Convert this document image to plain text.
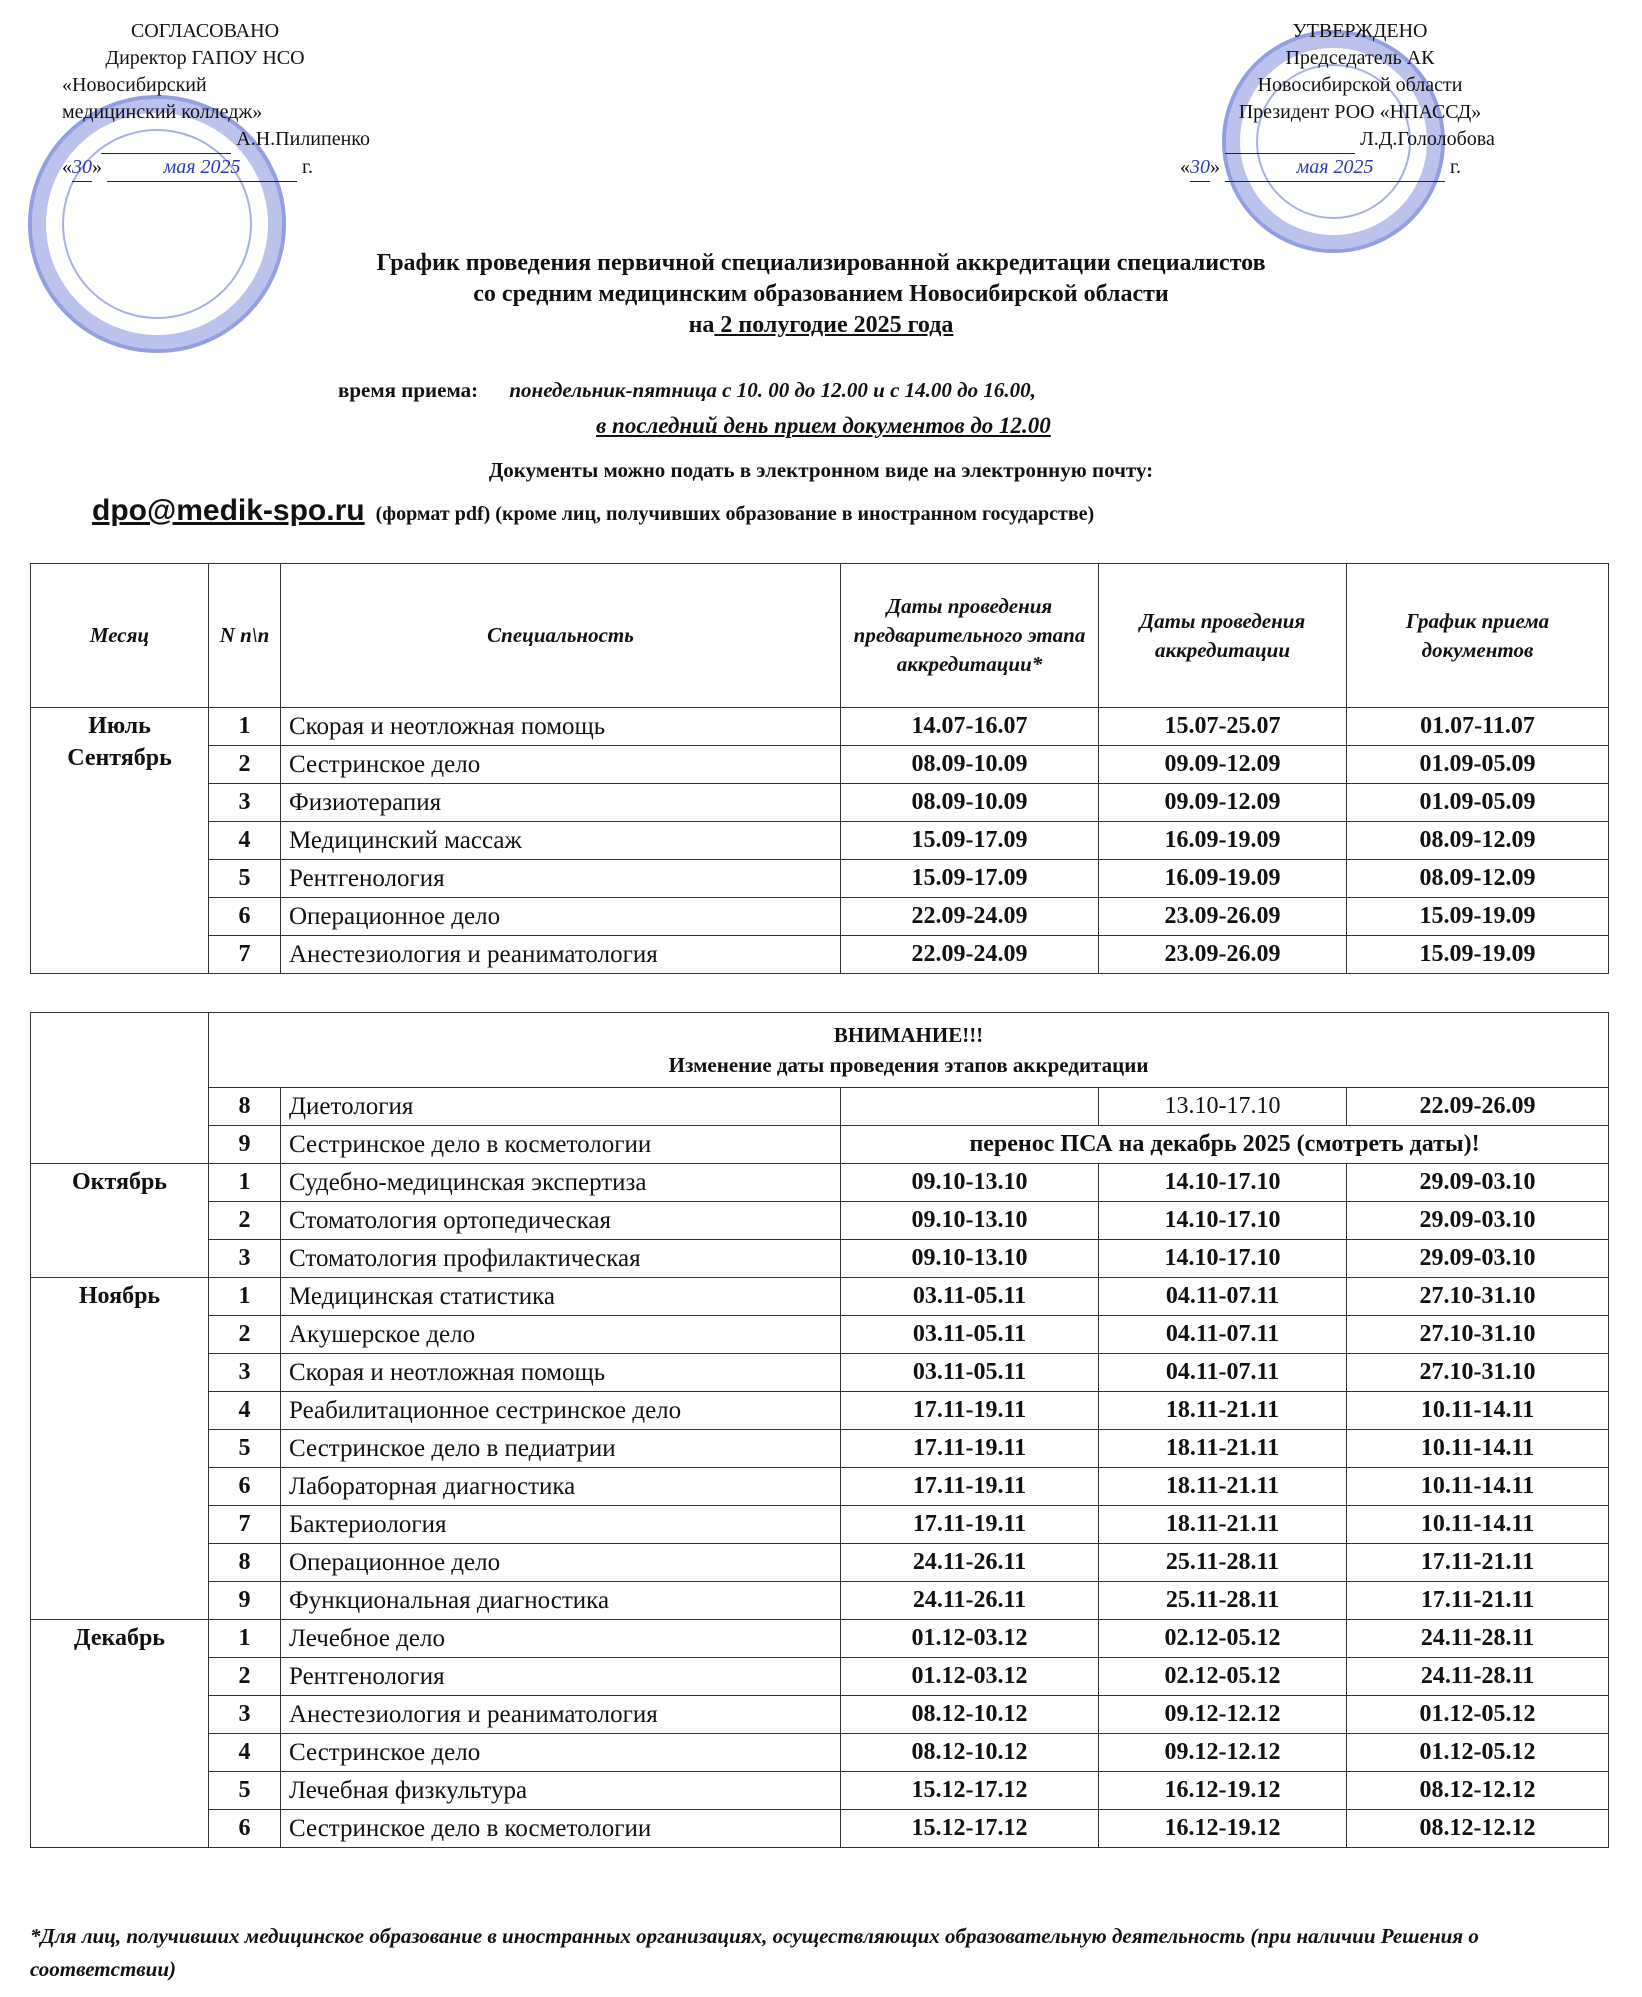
СОГЛАСОВАНО
Директор ГАПОУ НСО
«Новосибирский
медицинский колледж»
А.Н.Пилипенко
«30»	мая 2025	г.
УТВЕРЖДЕНО
Председатель АК
Новосибирской области
Президент РОО «НПАССД»
Л.Д.Гололобова
«30»	мая 2025	г.
График проведения первичной специализированной аккредитации специалистов
со средним медицинским образованием Новосибирской области
на 2 полугодие 2025 года
время приема: понедельник-пятница с 10. 00 до 12.00 и с 14.00 до 16.00,
в последний день прием документов до 12.00
Документы можно подать в электронном виде на электронную почту:
dpo@medik-spo.ru (формат pdf) (кроме лиц, получивших образование в иностранном государстве)
Месяц	N п\п	Специальность	Даты проведения предварительного этапа аккредитации*	Даты проведения аккредитации	График приема документов
Июль Сентябрь	1	Скорая и неотложная помощь	14.07-16.07	15.07-25.07	01.07-11.07
	2	Сестринское дело	08.09-10.09	09.09-12.09	01.09-05.09
	3	Физиотерапия	08.09-10.09	09.09-12.09	01.09-05.09
	4	Медицинский массаж	15.09-17.09	16.09-19.09	08.09-12.09
	5	Рентгенология	15.09-17.09	16.09-19.09	08.09-12.09
	6	Операционное дело	22.09-24.09	23.09-26.09	15.09-19.09
	7	Анестезиология и реаниматология	22.09-24.09	23.09-26.09	15.09-19.09

	ВНИМАНИЕ!!!
Изменение даты проведения этапов аккредитации				

	8	Диетология		13.10-17.10	22.09-26.09
	9	Сестринское дело в косметологии	перенос ПСА на декабрь 2025 (смотреть даты)!		
Октябрь	1	Судебно-медицинская экспертиза	09.10-13.10	14.10-17.10	29.09-03.10
	2	Стоматология ортопедическая	09.10-13.10	14.10-17.10	29.09-03.10
	3	Стоматология профилактическая	09.10-13.10	14.10-17.10	29.09-03.10
Ноябрь	1	Медицинская статистика	03.11-05.11	04.11-07.11	27.10-31.10
	2	Акушерское дело	03.11-05.11	04.11-07.11	27.10-31.10
	3	Скорая и неотложная помощь	03.11-05.11	04.11-07.11	27.10-31.10
	4	Реабилитационное сестринское дело	17.11-19.11	18.11-21.11	10.11-14.11
	5	Сестринское дело в педиатрии	17.11-19.11	18.11-21.11	10.11-14.11
	6	Лабораторная диагностика	17.11-19.11	18.11-21.11	10.11-14.11
	7	Бактериология	17.11-19.11	18.11-21.11	10.11-14.11
	8	Операционное дело	24.11-26.11	25.11-28.11	17.11-21.11
	9	Функциональная диагностика	24.11-26.11	25.11-28.11	17.11-21.11
Декабрь	1	Лечебное дело	01.12-03.12	02.12-05.12	24.11-28.11
	2	Рентгенология	01.12-03.12	02.12-05.12	24.11-28.11
	3	Анестезиология и реаниматология	08.12-10.12	09.12-12.12	01.12-05.12
	4	Сестринское дело	08.12-10.12	09.12-12.12	01.12-05.12
	5	Лечебная физкультура	15.12-17.12	16.12-19.12	08.12-12.12
	6	Сестринское дело в косметологии	15.12-17.12	16.12-19.12	08.12-12.12
*Для лиц, получивших медицинское образование в иностранных организациях, осуществляющих образовательную деятельность (при наличии Решения о соответствии)
